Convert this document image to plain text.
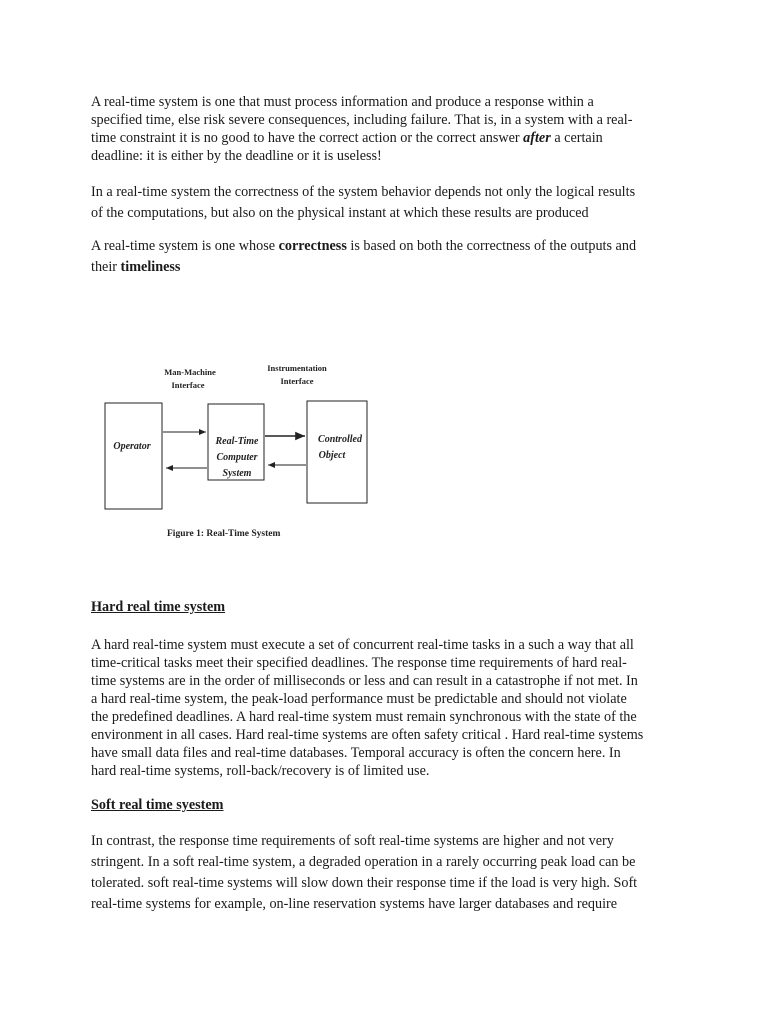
A real-time system is one that must process information and produce a response within a
specified time, else risk severe consequences, including failure. That is, in a system with a real-
time constraint it is no good to have the correct action or the correct answer after a certain
deadline: it is either by the deadline or it is useless!
In a real-time system the correctness of the system behavior depends not only the logical results
of the computations, but also on the physical instant at which these results are produced
A real-time system is one whose correctness is based on both the correctness of the outputs and
their timeliness
Man-Machine
Interface
Instrumentation
Interface
Operator	Real-Time
Computer
System
Controlled
Object
Figure 1: Real-Time System
Hard real time system
A hard real-time system must execute a set of concurrent real-time tasks in a such a way that all
time-critical tasks meet their specified deadlines. The response time requirements of hard real-
time systems are in the order of milliseconds or less and can result in a catastrophe if not met. In
a hard real-time system, the peak-load performance must be predictable and should not violate
the predefined deadlines. A hard real-time system must remain synchronous with the state of the
environment in all cases. Hard real-time systems are often safety critical . Hard real-time systems
have small data files and real-time databases. Temporal accuracy is often the concern here. In
hard real-time systems, roll-back/recovery is of limited use.
Soft real time syestem
In contrast, the response time requirements of soft real-time systems are higher and not very
stringent. In a soft real-time system, a degraded operation in a rarely occurring peak load can be
tolerated. soft real-time systems will slow down their response time if the load is very high. Soft
real-time systems for example, on-line reservation systems have larger databases and require
